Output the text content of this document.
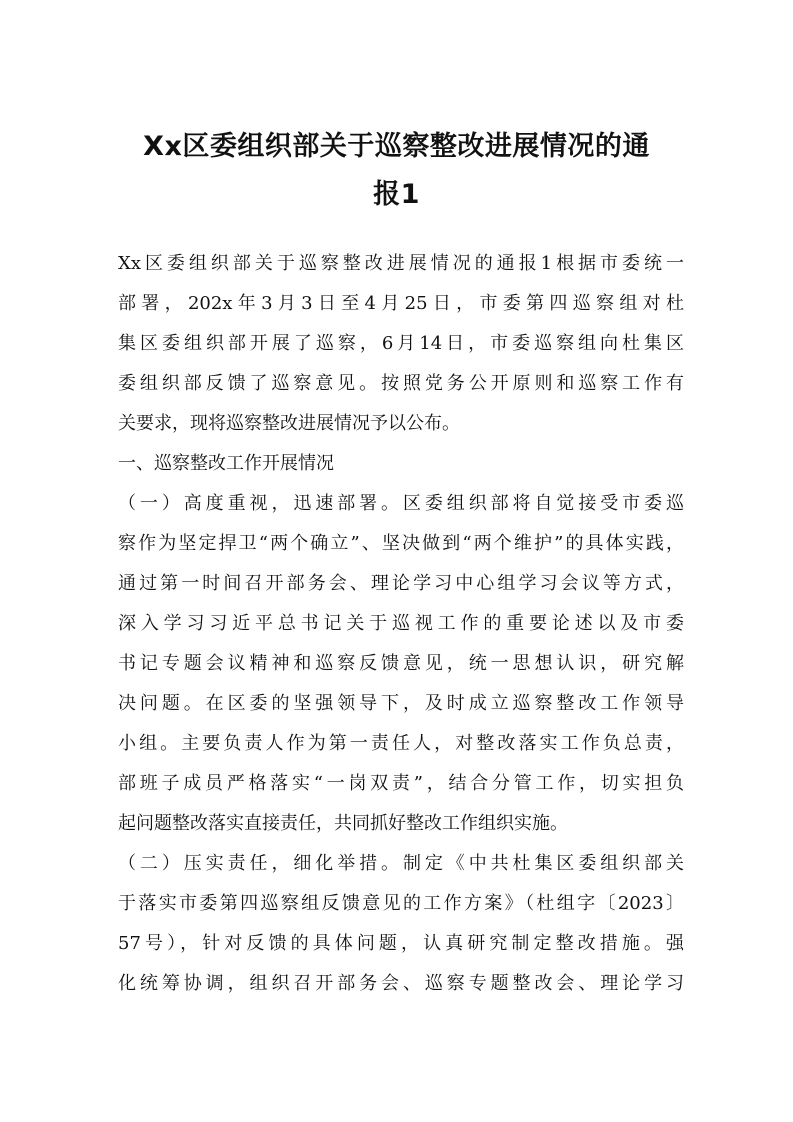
Xx区委组织部关于巡察整改进展情况的通
报1
Xx区委组织部关于巡察整改进展情况的通报1根据市委统一
部署，202x年3月3日至4月25日，市委第四巡察组对杜
集区委组织部开展了巡察，6月14日，市委巡察组向杜集区
委组织部反馈了巡察意见。按照党务公开原则和巡察工作有
关要求，现将巡察整改进展情况予以公布。
一、巡察整改工作开展情况
（一）高度重视，迅速部署。区委组织部将自觉接受市委巡
察作为坚定捍卫“两个确立”、坚决做到“两个维护”的具体实践，
通过第一时间召开部务会、理论学习中心组学习会议等方式，
深入学习习近平总书记关于巡视工作的重要论述以及市委
书记专题会议精神和巡察反馈意见，统一思想认识，研究解
决问题。在区委的坚强领导下，及时成立巡察整改工作领导
小组。主要负责人作为第一责任人，对整改落实工作负总责，
部班子成员严格落实“一岗双责”，结合分管工作，切实担负
起问题整改落实直接责任，共同抓好整改工作组织实施。
（二）压实责任，细化举措。制定《中共杜集区委组织部关
于落实市委第四巡察组反馈意见的工作方案》（杜组字〔2023〕
57号），针对反馈的具体问题，认真研究制定整改措施。强
化统筹协调，组织召开部务会、巡察专题整改会、理论学习
